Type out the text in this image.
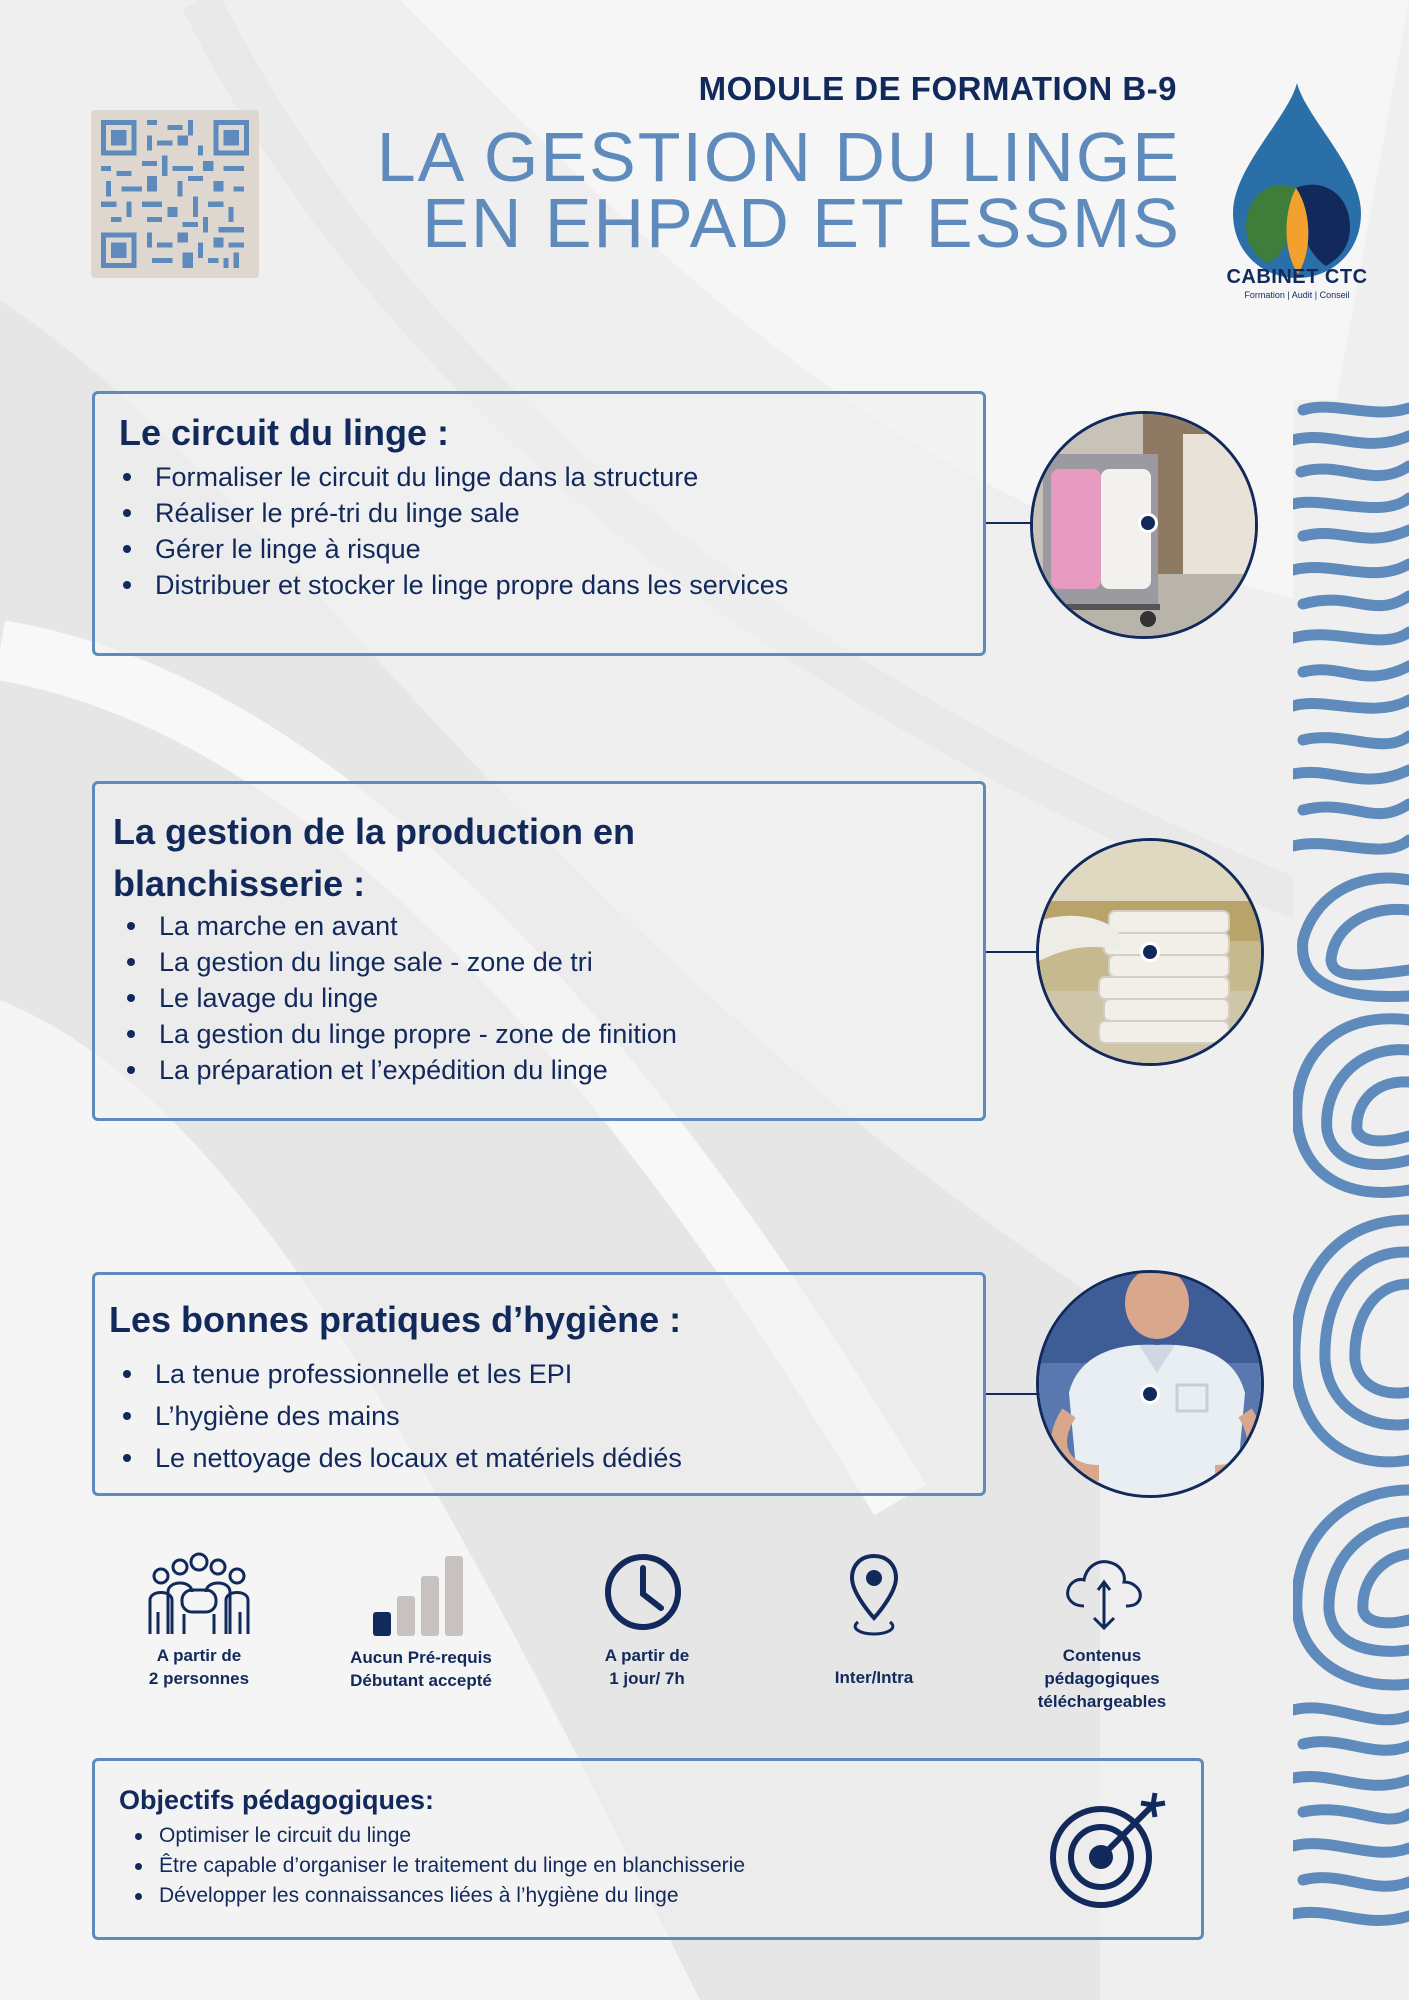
MODULE DE FORMATION B-9
LA GESTION DU LINGE
EN EHPAD ET ESSMS
CABINET CTC
Formation | Audit | Conseil
Le circuit du linge :
Formaliser le circuit du linge dans la structure
Réaliser le pré-tri du linge sale
Gérer le linge à risque
Distribuer et stocker le linge propre dans les services
La gestion de la production en blanchisserie :
La marche en avant
La gestion du linge sale - zone de tri
Le lavage du linge
La gestion du linge propre - zone de finition
La préparation et l’expédition du linge
Les bonnes pratiques d’hygiène :
La tenue professionnelle et les EPI
L’hygiène des mains
Le nettoyage des locaux et matériels dédiés
A partir de
2 personnes
Aucun Pré-requis
Débutant accepté
A partir de
1 jour/ 7h	Inter/Intra
Contenus
pédagogiques
téléchargeables
Objectifs pédagogiques:
Optimiser le circuit du linge
Être capable d’organiser le traitement du linge en blanchisserie
Développer les connaissances liées à l’hygiène du linge
